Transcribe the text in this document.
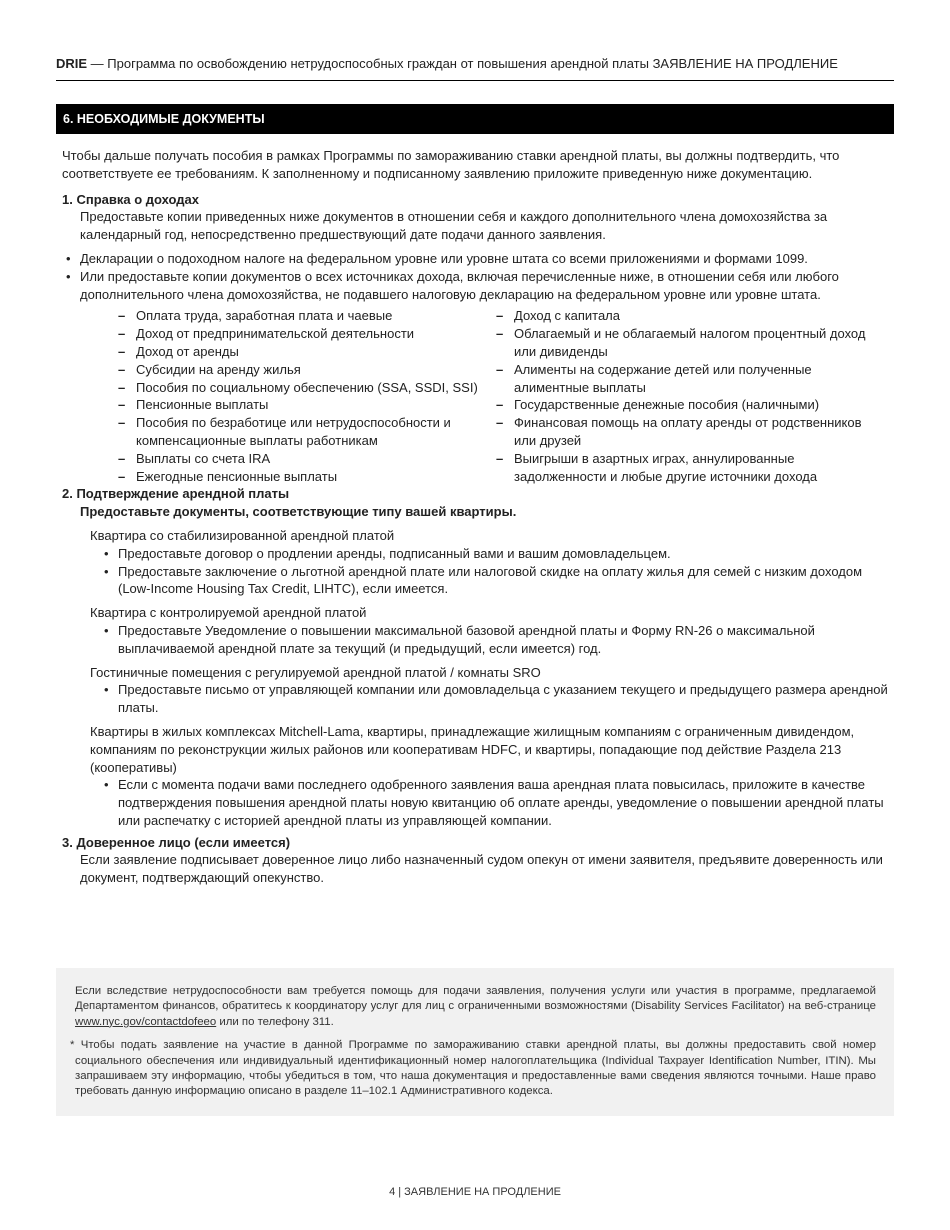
DRIE — Программа по освобождению нетрудоспособных граждан от повышения арендной платы ЗАЯВЛЕНИЕ НА ПРОДЛЕНИЕ
6. НЕОБХОДИМЫЕ ДОКУМЕНТЫ

Чтобы дальше получать пособия в рамках Программы по замораживанию ставки арендной платы, вы должны подтвердить, что соответствуете ее требованиям. К заполненному и подписанному заявлению приложите приведенную ниже документацию.

1. Справка о доходах

Предоставьте копии приведенных ниже документов в отношении себя и каждого дополнительного члена домохозяйства за календарный год, непосредственно предшествующий дате подачи данного заявления.

• Декларации о подоходном налоге на федеральном уровне или уровне штата со всеми приложениями и формами 1099.
• Или предоставьте копии документов о всех источниках дохода, включая перечисленные ниже, в отношении себя или любого дополнительного члена домохозяйства, не подавшего налоговую декларацию на федеральном уровне или уровне штата.
– Оплата труда, заработная плата и чаевые
– Доход от предпринимательской деятельности
– Доход от аренды
– Субсидии на аренду жилья
– Пособия по социальному обеспечению (SSA, SSDI, SSI)
– Пенсионные выплаты
– Пособия по безработице или нетрудоспособности и компенсационные выплаты работникам
– Выплаты со счета IRA
– Ежегодные пенсионные выплаты
– Доход с капитала
– Облагаемый и не облагаемый налогом процентный доход или дивиденды
– Алименты на содержание детей или полученные алиментные выплаты
– Государственные денежные пособия (наличными)
– Финансовая помощь на оплату аренды от родственников или друзей
– Выигрыши в азартных играх, аннулированные задолженности и любые другие источники дохода

2. Подтверждение арендной платы

Предоставьте документы, соответствующие типу вашей квартиры.

Квартира со стабилизированной арендной платой

• Предоставьте договор о продлении аренды, подписанный вами и вашим домовладельцем.
• Предоставьте заключение о льготной арендной плате или налоговой скидке на оплату жилья для семей с низким доходом (Low-Income Housing Tax Credit, LIHTC), если имеется.

Квартира с контролируемой арендной платой

• Предоставьте Уведомление о повышении максимальной базовой арендной платы и Форму RN-26 о максимальной выплачиваемой арендной плате за текущий (и предыдущий, если имеется) год.

Гостиничные помещения с регулируемой арендной платой / комнаты SRO

• Предоставьте письмо от управляющей компании или домовладельца с указанием текущего и предыдущего размера арендной платы.

Квартиры в жилых комплексах Mitchell-Lama, квартиры, принадлежащие жилищным компаниям с ограниченным дивидендом, компаниям по реконструкции жилых районов или кооперативам HDFC, и квартиры, попадающие под действие Раздела 213 (кооперативы)

• Если с момента подачи вами последнего одобренного заявления ваша арендная плата повысилась, приложите в качестве подтверждения повышения арендной платы новую квитанцию об оплате аренды, уведомление о повышении арендной платы или распечатку с историей арендной платы из управляющей компании.

3. Доверенное лицо (если имеется)

Если заявление подписывает доверенное лицо либо назначенный судом опекун от имени заявителя, предъявите доверенность или документ, подтверждающий опекунство.

Если вследствие нетрудоспособности вам требуется помощь для подачи заявления, получения услуги или участия в программе, предлагаемой Департаментом финансов, обратитесь к координатору услуг для лиц с ограниченными возможностями (Disability Services Facilitator) на веб-странице www.nyc.gov/contactdofeeo или по телефону 311.

* Чтобы подать заявление на участие в данной Программе по замораживанию ставки арендной платы, вы должны предоставить свой номер социального обеспечения или индивидуальный идентификационный номер налогоплательщика (Individual Taxpayer Identification Number, ITIN). Мы запрашиваем эту информацию, чтобы убедиться в том, что наша документация и предоставленные вами сведения являются точными. Наше право требовать данную информацию описано в разделе 11–102.1 Административного кодекса.

4 | ЗАЯВЛЕНИЕ НА ПРОДЛЕНИЕ
